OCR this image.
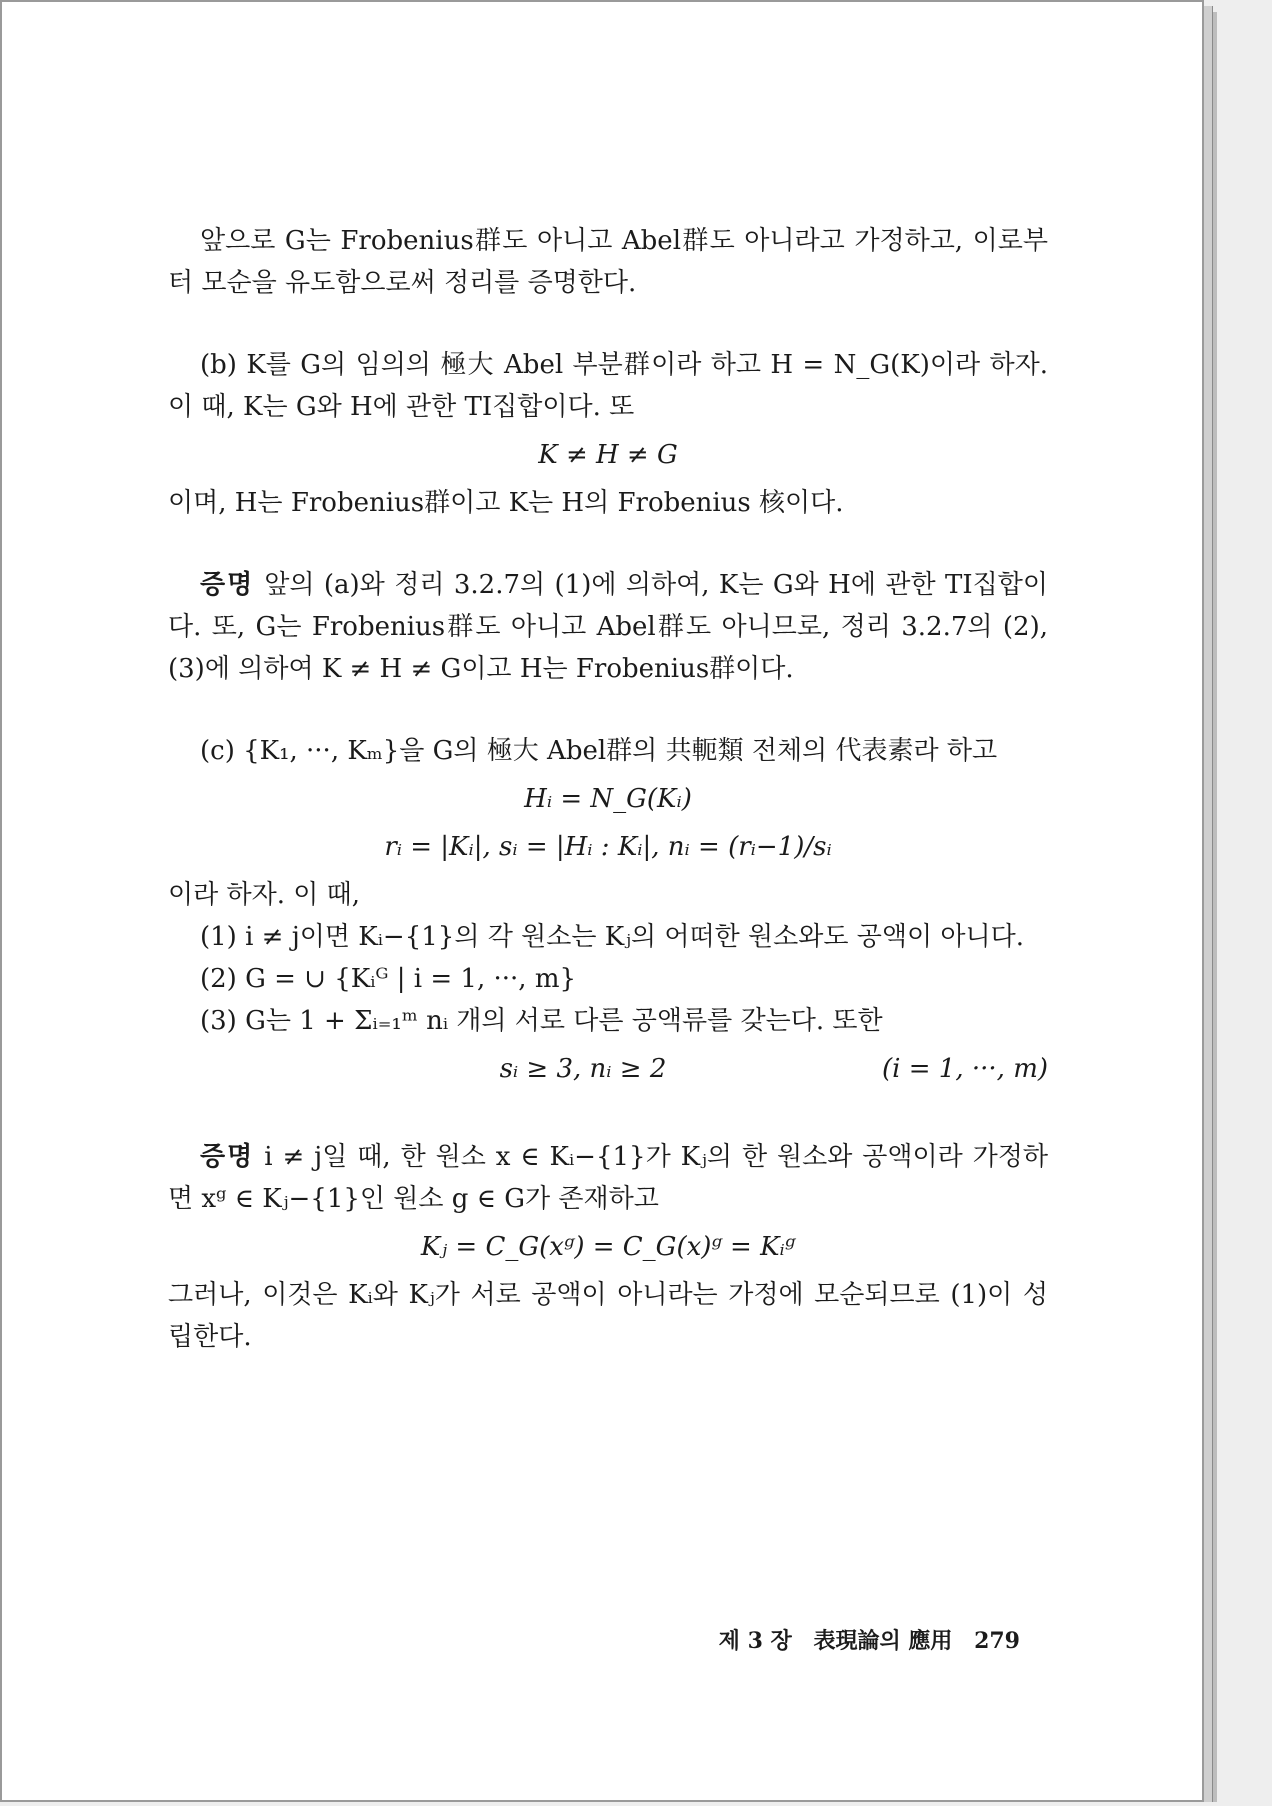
앞으로 G는 Frobenius群도 아니고 Abel群도 아니라고 가정하고, 이로부터 모순을 유도함으로써 정리를 증명한다.

(b) K를 G의 임의의 極大 Abel 부분群이라 하고 H = N_G(K)이라 하자. 이 때, K는 G와 H에 관한 TI집합이다. 또

K ≠ H ≠ G

이며, H는 Frobenius群이고 K는 H의 Frobenius 核이다.

증명 앞의 (a)와 정리 3.2.7의 (1)에 의하여, K는 G와 H에 관한 TI집합이다. 또, G는 Frobenius群도 아니고 Abel群도 아니므로, 정리 3.2.7의 (2), (3)에 의하여 K ≠ H ≠ G이고 H는 Frobenius群이다.

(c) {K₁, ···, Kₘ}을 G의 極大 Abel群의 共軛類 전체의 代表素라 하고

Hᵢ = N_G(Kᵢ)

rᵢ = |Kᵢ|, sᵢ = |Hᵢ : Kᵢ|, nᵢ = (rᵢ−1)/sᵢ

이라 하자. 이 때,

(1) i ≠ j이면 Kᵢ−{1}의 각 원소는 Kⱼ의 어떠한 원소와도 공액이 아니다.

(2) G = ∪ {Kᵢᴳ | i = 1, ···, m}

(3) G는 1 + Σᵢ₌₁ᵐ nᵢ 개의 서로 다른 공액류를 갖는다. 또한

sᵢ ≥ 3, nᵢ ≥ 2	(i = 1, ···, m)

증명 i ≠ j일 때, 한 원소 x ∈ Kᵢ−{1}가 Kⱼ의 한 원소와 공액이라 가정하면 xᵍ ∈ Kⱼ−{1}인 원소 g ∈ G가 존재하고

Kⱼ = C_G(xᵍ) = C_G(x)ᵍ = Kᵢᵍ

그러나, 이것은 Kᵢ와 Kⱼ가 서로 공액이 아니라는 가정에 모순되므로 (1)이 성립한다.

제 3 장 表現論의 應用 279
